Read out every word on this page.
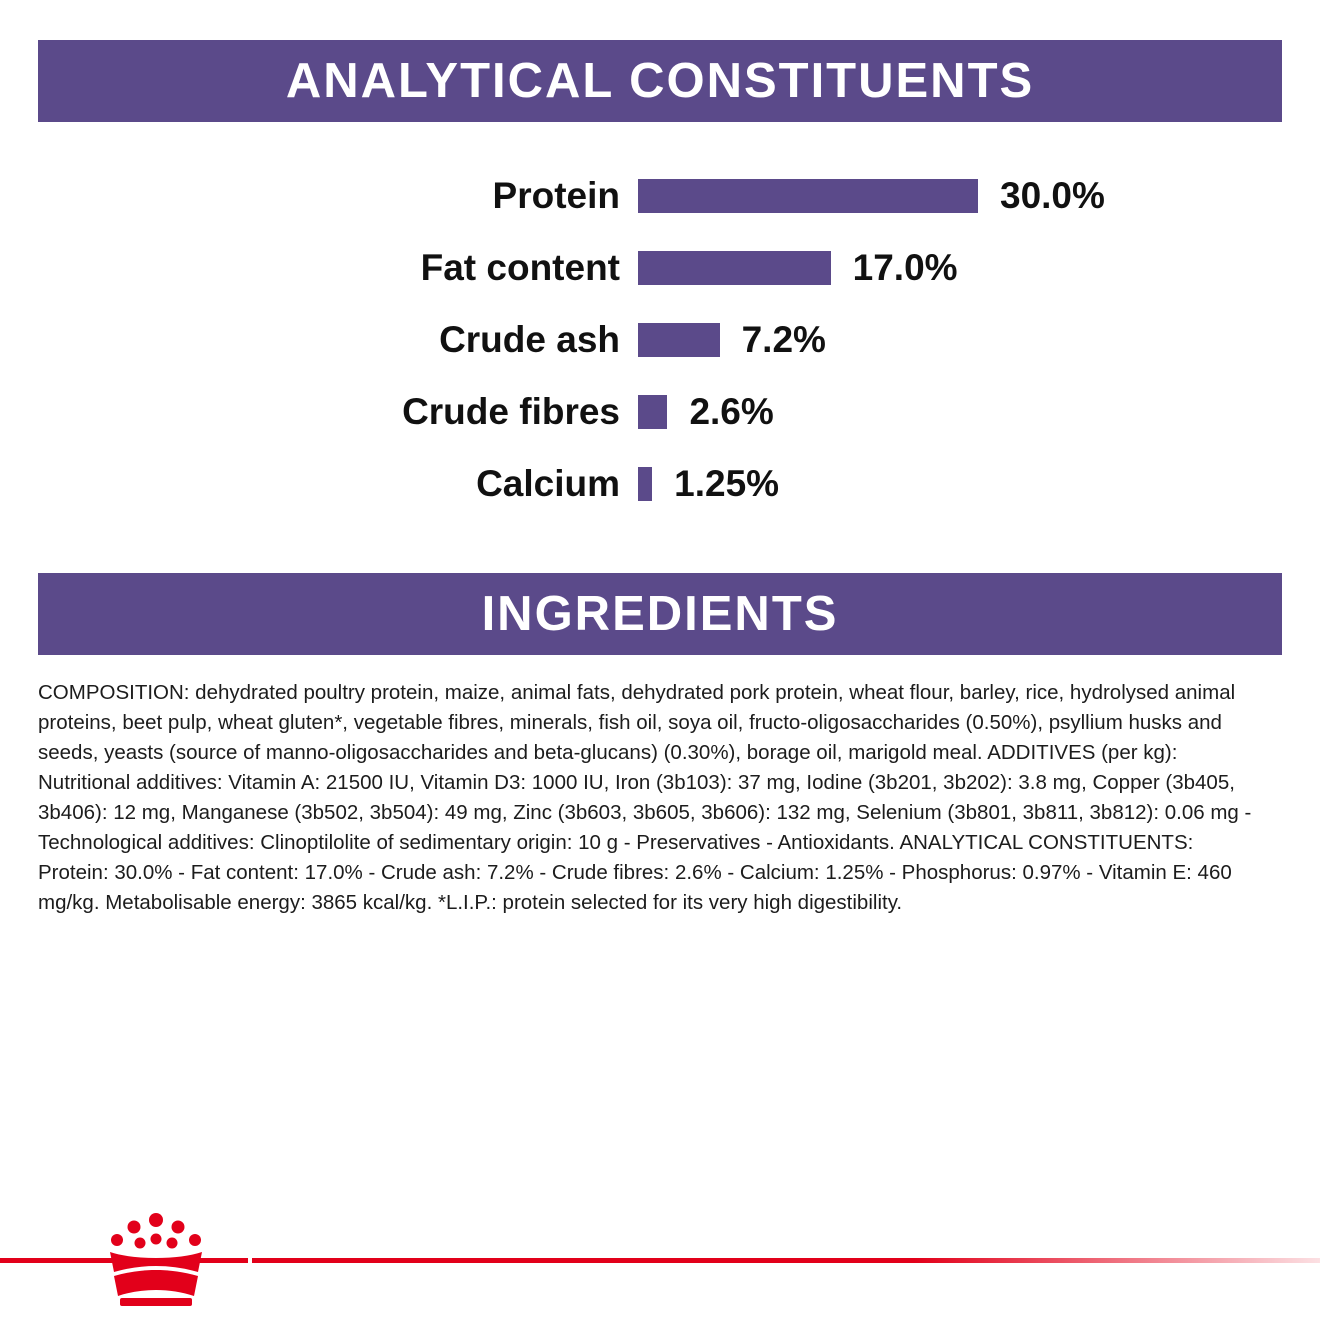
ANALYTICAL CONSTITUENTS
Protein	30.0%
Fat content	17.0%
Crude ash	7.2%
Crude fibres	2.6%
Calcium	1.25%
INGREDIENTS
COMPOSITION: dehydrated poultry protein, maize, animal fats, dehydrated pork protein, wheat flour, barley, rice, hydrolysed animal proteins, beet pulp, wheat gluten*, vegetable fibres, minerals, fish oil, soya oil, fructo-oligosaccharides (0.50%), psyllium husks and seeds, yeasts (source of manno-oligosaccharides and beta-glucans) (0.30%), borage oil, marigold meal. ADDITIVES (per kg): Nutritional additives: Vitamin A: 21500 IU, Vitamin D3: 1000 IU, Iron (3b103): 37 mg, Iodine (3b201, 3b202): 3.8 mg, Copper (3b405, 3b406): 12 mg, Manganese (3b502, 3b504): 49 mg, Zinc (3b603, 3b605, 3b606): 132 mg, Selenium (3b801, 3b811, 3b812): 0.06 mg - Technological additives: Clinoptilolite of sedimentary origin: 10 g - Preservatives - Antioxidants. ANALYTICAL CONSTITUENTS: Protein: 30.0% - Fat content: 17.0% - Crude ash: 7.2% - Crude fibres: 2.6% - Calcium: 1.25% - Phosphorus: 0.97% - Vitamin E: 460 mg/kg. Metabolisable energy: 3865 kcal/kg. *L.I.P.: protein selected for its very high digestibility.
